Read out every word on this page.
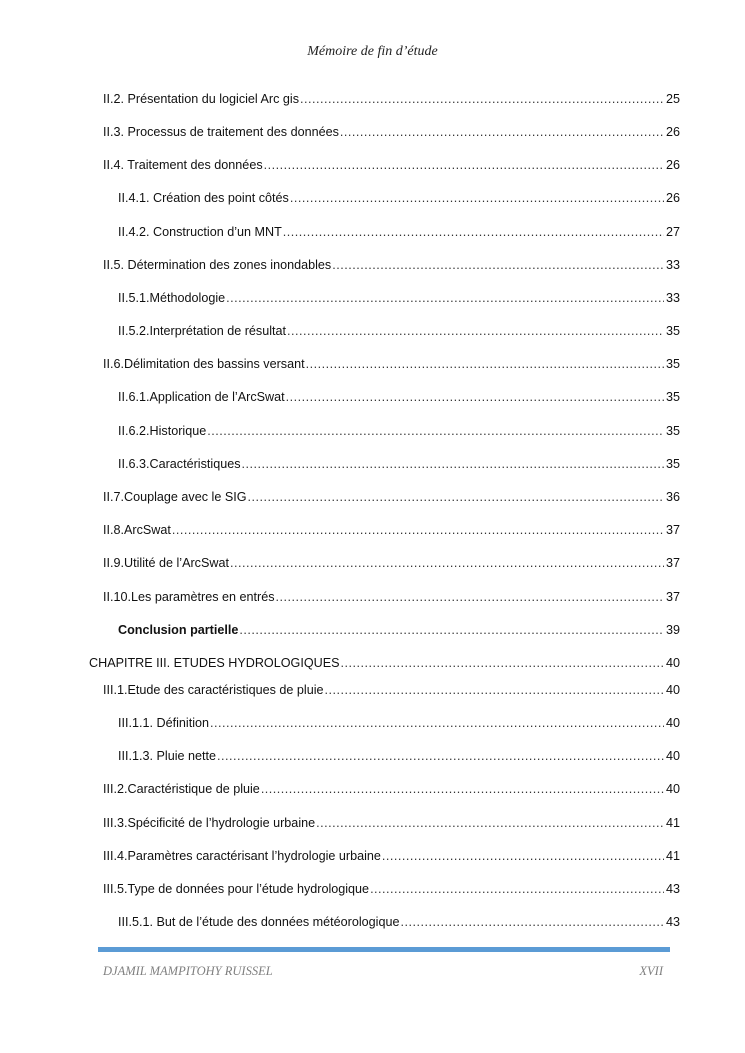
Mémoire de fin d’étude
II.2. Présentation du logiciel Arc gis .....	25
II.3. Processus de traitement des données .....	26
II.4. Traitement des données .....	26
II.4.1. Création des point côtés .....	26
II.4.2. Construction d’un MNT .....	27
II.5. Détermination des zones inondables .....	33
II.5.1. Méthodologie .....	33
II.5.2. Interprétation de résultat .....	35
II.6. Délimitation des bassins versant .....	35
II.6.1. Application de l’ArcSwat .....	35
II.6.2. Historique .....	35
II.6.3. Caractéristiques .....	35
II.7. Couplage avec le SIG .....	36
II.8. ArcSwat .....	37
II.9. Utilité de l’ArcSwat .....	37
II.10. Les paramètres en entrés .....	37
Conclusion partielle .....	39
CHAPITRE III. ETUDES HYDROLOGIQUES .....	40
III.1. Etude des caractéristiques de pluie .....	40
III.1.1. Définition .....	40
III.1.3. Pluie nette .....	40
III.2. Caractéristique de pluie .....	40
III.3. Spécificité de l’hydrologie urbaine .....	41
III.4. Paramètres caractérisant l’hydrologie urbaine .....	41
III.5. Type de données pour l’étude hydrologique .....	43
III.5.1. But de l’étude des données météorologique .....	43
DJAMIL MAMPITOHY RUISSEL	XVII
